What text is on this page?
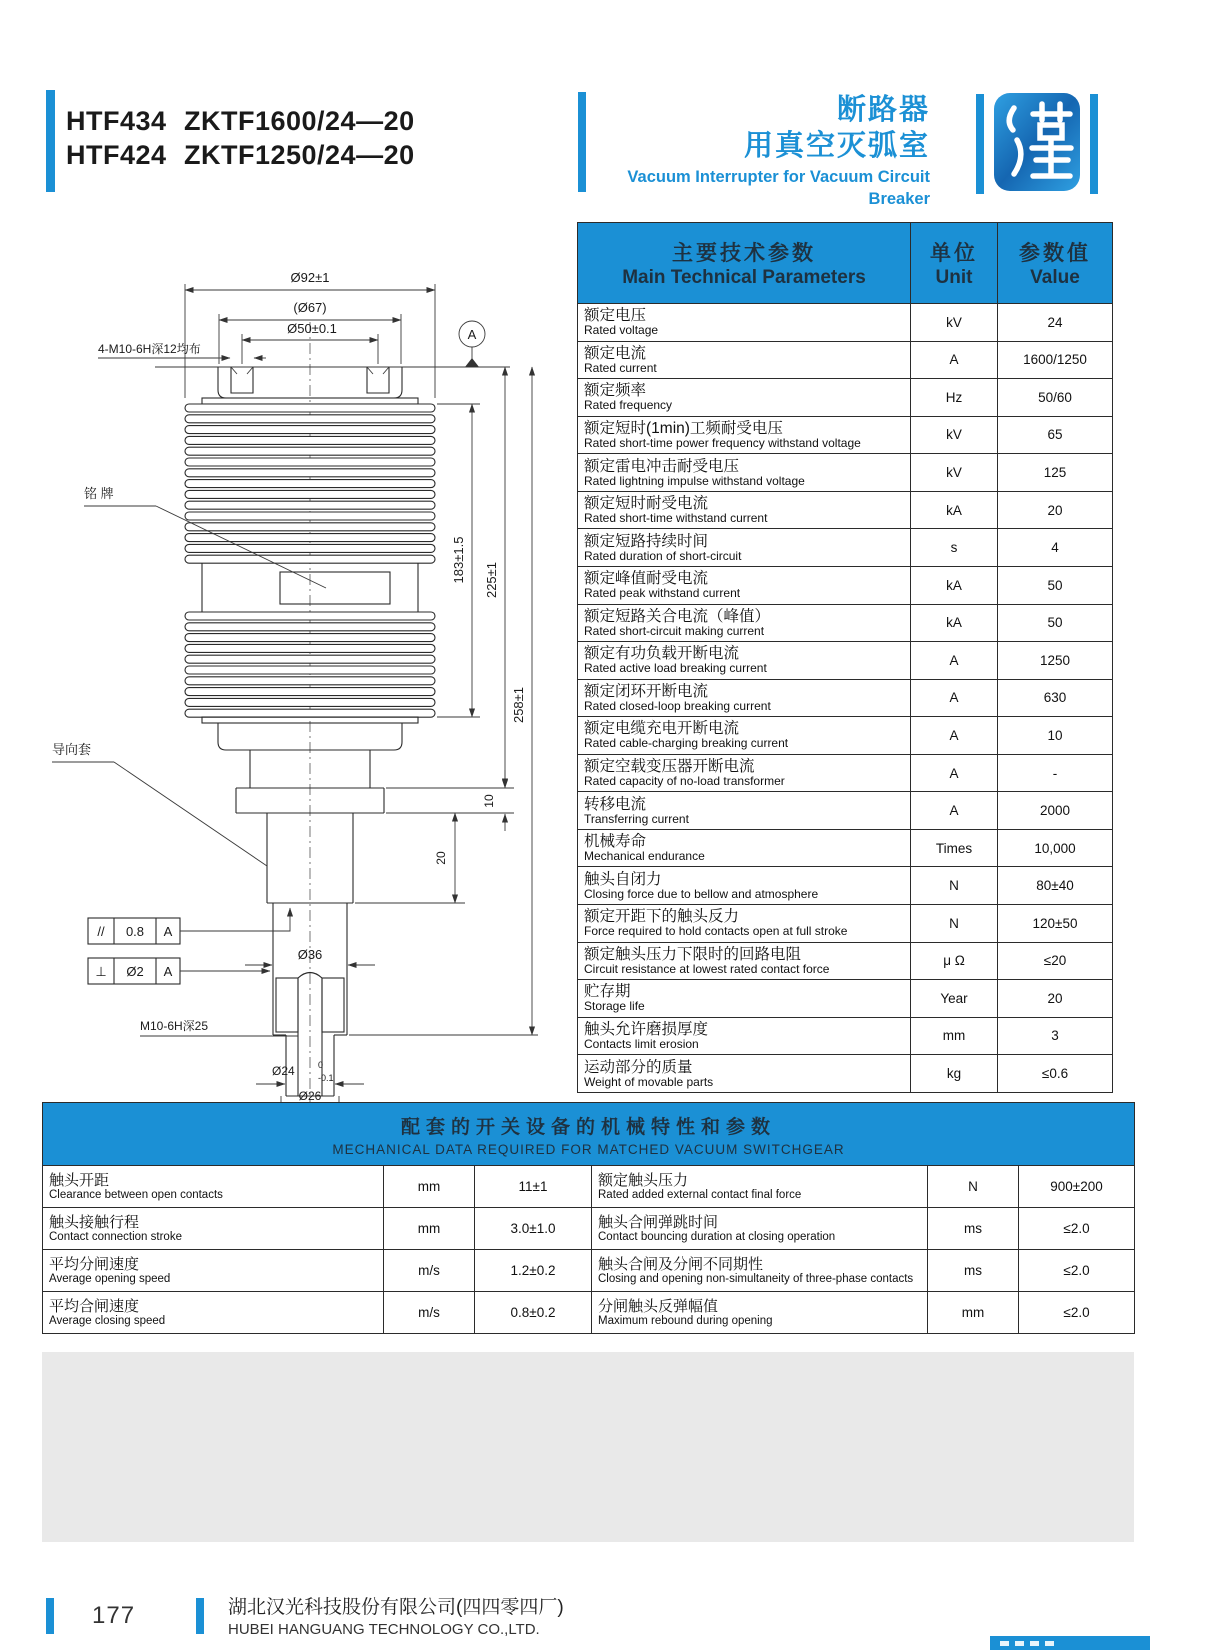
HTF434 ZKTF1600/24—20
HTF424 ZKTF1250/24—20
断路器
用真空灭弧室
Vacuum Interrupter for Vacuum Circuit Breaker
A
Ø92±1
(Ø67)
Ø50±0.1
4-M10-6H深12均布
铭 牌
导向套
// 0.8 A
⊥ Ø2 A
Ø36
M10-6H深25
Ø24	0
-0.1
Ø26
183±1.5 225±1
10
20
258±1
主要技术参数
Main Technical Parameters	单位
Unit	参数值
Value

额定电压
Rated voltage	kV	24

额定电流
Rated current	A	1600/1250

额定频率
Rated frequency	Hz	50/60

额定短时(1min)工频耐受电压
Rated short-time power frequency withstand voltage	kV	65

额定雷电冲击耐受电压
Rated lightning impulse withstand voltage	kV	125

额定短时耐受电流
Rated short-time withstand current	kA	20

额定短路持续时间
Rated duration of short-circuit	s	4

额定峰值耐受电流
Rated peak withstand current	kA	50

额定短路关合电流（峰值）
Rated short-circuit making current	kA	50

额定有功负载开断电流
Rated active load breaking current	A	1250

额定闭环开断电流
Rated closed-loop breaking current	A	630

额定电缆充电开断电流
Rated cable-charging breaking current	A	10

额定空载变压器开断电流
Rated capacity of no-load transformer	A	-

转移电流
Transferring current	A	2000

机械寿命
Mechanical endurance	Times	10,000

触头自闭力
Closing force due to bellow and atmosphere	N	80±40

额定开距下的触头反力
Force required to hold contacts open at full stroke	N	120±50

额定触头压力下限时的回路电阻
Circuit resistance at lowest rated contact force	μ Ω	≤20

贮存期
Storage life	Year	20

触头允许磨损厚度
Contacts limit erosion	mm	3

运动部分的质量
Weight of movable parts	kg	≤0.6
配套的开关设备的机械特性和参数
MECHANICAL DATA REQUIRED FOR MATCHED VACUUM SWITCHGEAR					

触头开距
Clearance between open contacts	mm	11±1	额定触头压力
Rated added external contact final force	N	900±200

触头接触行程
Contact connection stroke	mm	3.0±1.0	触头合闸弹跳时间
Contact bouncing duration at closing operation	ms	≤2.0

平均分闸速度
Average opening speed	m/s	1.2±0.2	触头合闸及分闸不同期性
Closing and opening non-simultaneity of three-phase contacts	ms	≤2.0

平均合闸速度
Average closing speed	m/s	0.8±0.2	分闸触头反弹幅值
Maximum rebound during opening	mm	≤2.0
177	湖北汉光科技股份有限公司(四四零四厂)
HUBEI HANGUANG TECHNOLOGY CO.,LTD.
